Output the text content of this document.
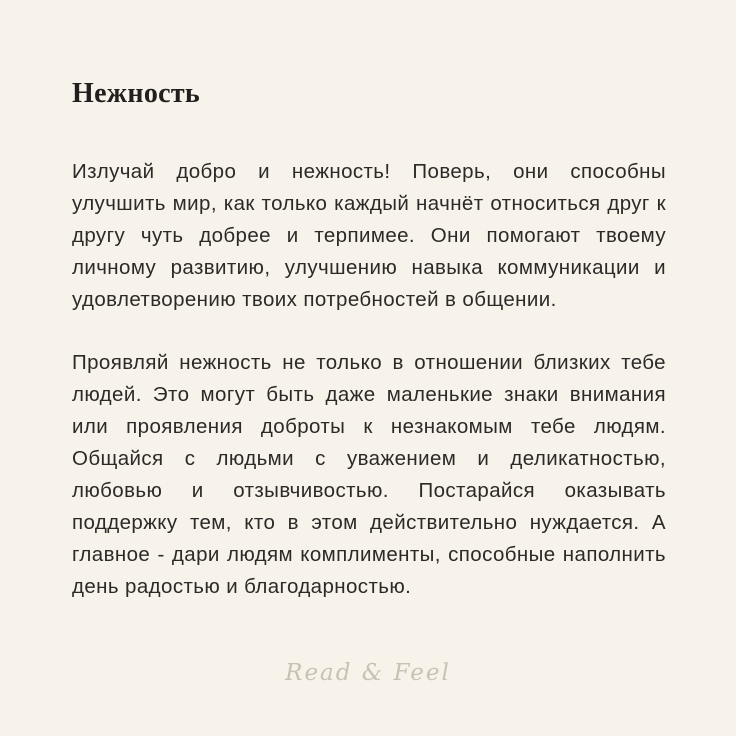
Нежность

Излучай добро и нежность! Поверь, они способны улучшить мир, как только каждый начнёт относиться друг к другу чуть добрее и терпимее. Они помогают твоему личному развитию, улучшению навыка коммуникации и удовлетворению твоих потребностей в общении.

Проявляй нежность не только в отношении близких тебе людей. Это могут быть даже маленькие знаки внимания или проявления доброты к незнакомым тебе людям. Общайся с людьми с уважением и деликатностью, любовью и отзывчивостью. Постарайся оказывать поддержку тем, кто в этом действительно нуждается. А главное - дари людям комплименты, способные наполнить день радостью и благодарностью.

Read & Feel
